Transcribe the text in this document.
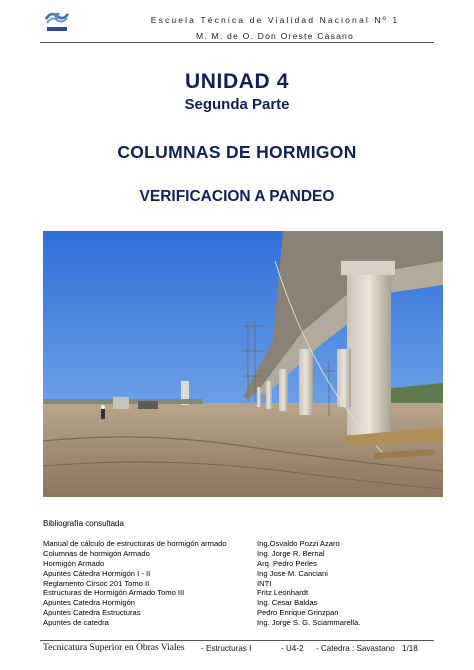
Escuela Técnica de Vialidad Nacional Nº 1
M. M. de O. Don Oreste Casano
UNIDAD 4
Segunda Parte
COLUMNAS DE HORMIGON
VERIFICACION A PANDEO
Bibliografía consultada
Manual de cálculo de estructuras de hormigón armado	Ing.Osvaldo Pozzi Azaro
Columnas de hormigón Armado	Ing. Jorge R. Bernal
Hormigón Armado	Arq. Pedro Perles
Apuntes Cátedra Hormigón I - II	Ing Jose M. Canciani
Reglamento Cirsoc 201 Tomo II	INTI
Estructuras de Hormigón Armado Tomo III	Fritz Leonhardt
Apuntes Catedra Hormigón	Ing. Cesar Baldas
Apuntes Catedra Estructuras	Pedro Enrique Grinzpan
Apuntes de catedra	Ing. Jorge S. G. Sciammarella.
Tecnicatura Superior en Obras Viales - Estructuras I	- U4-2 - Catedra : Savastano 1/18
